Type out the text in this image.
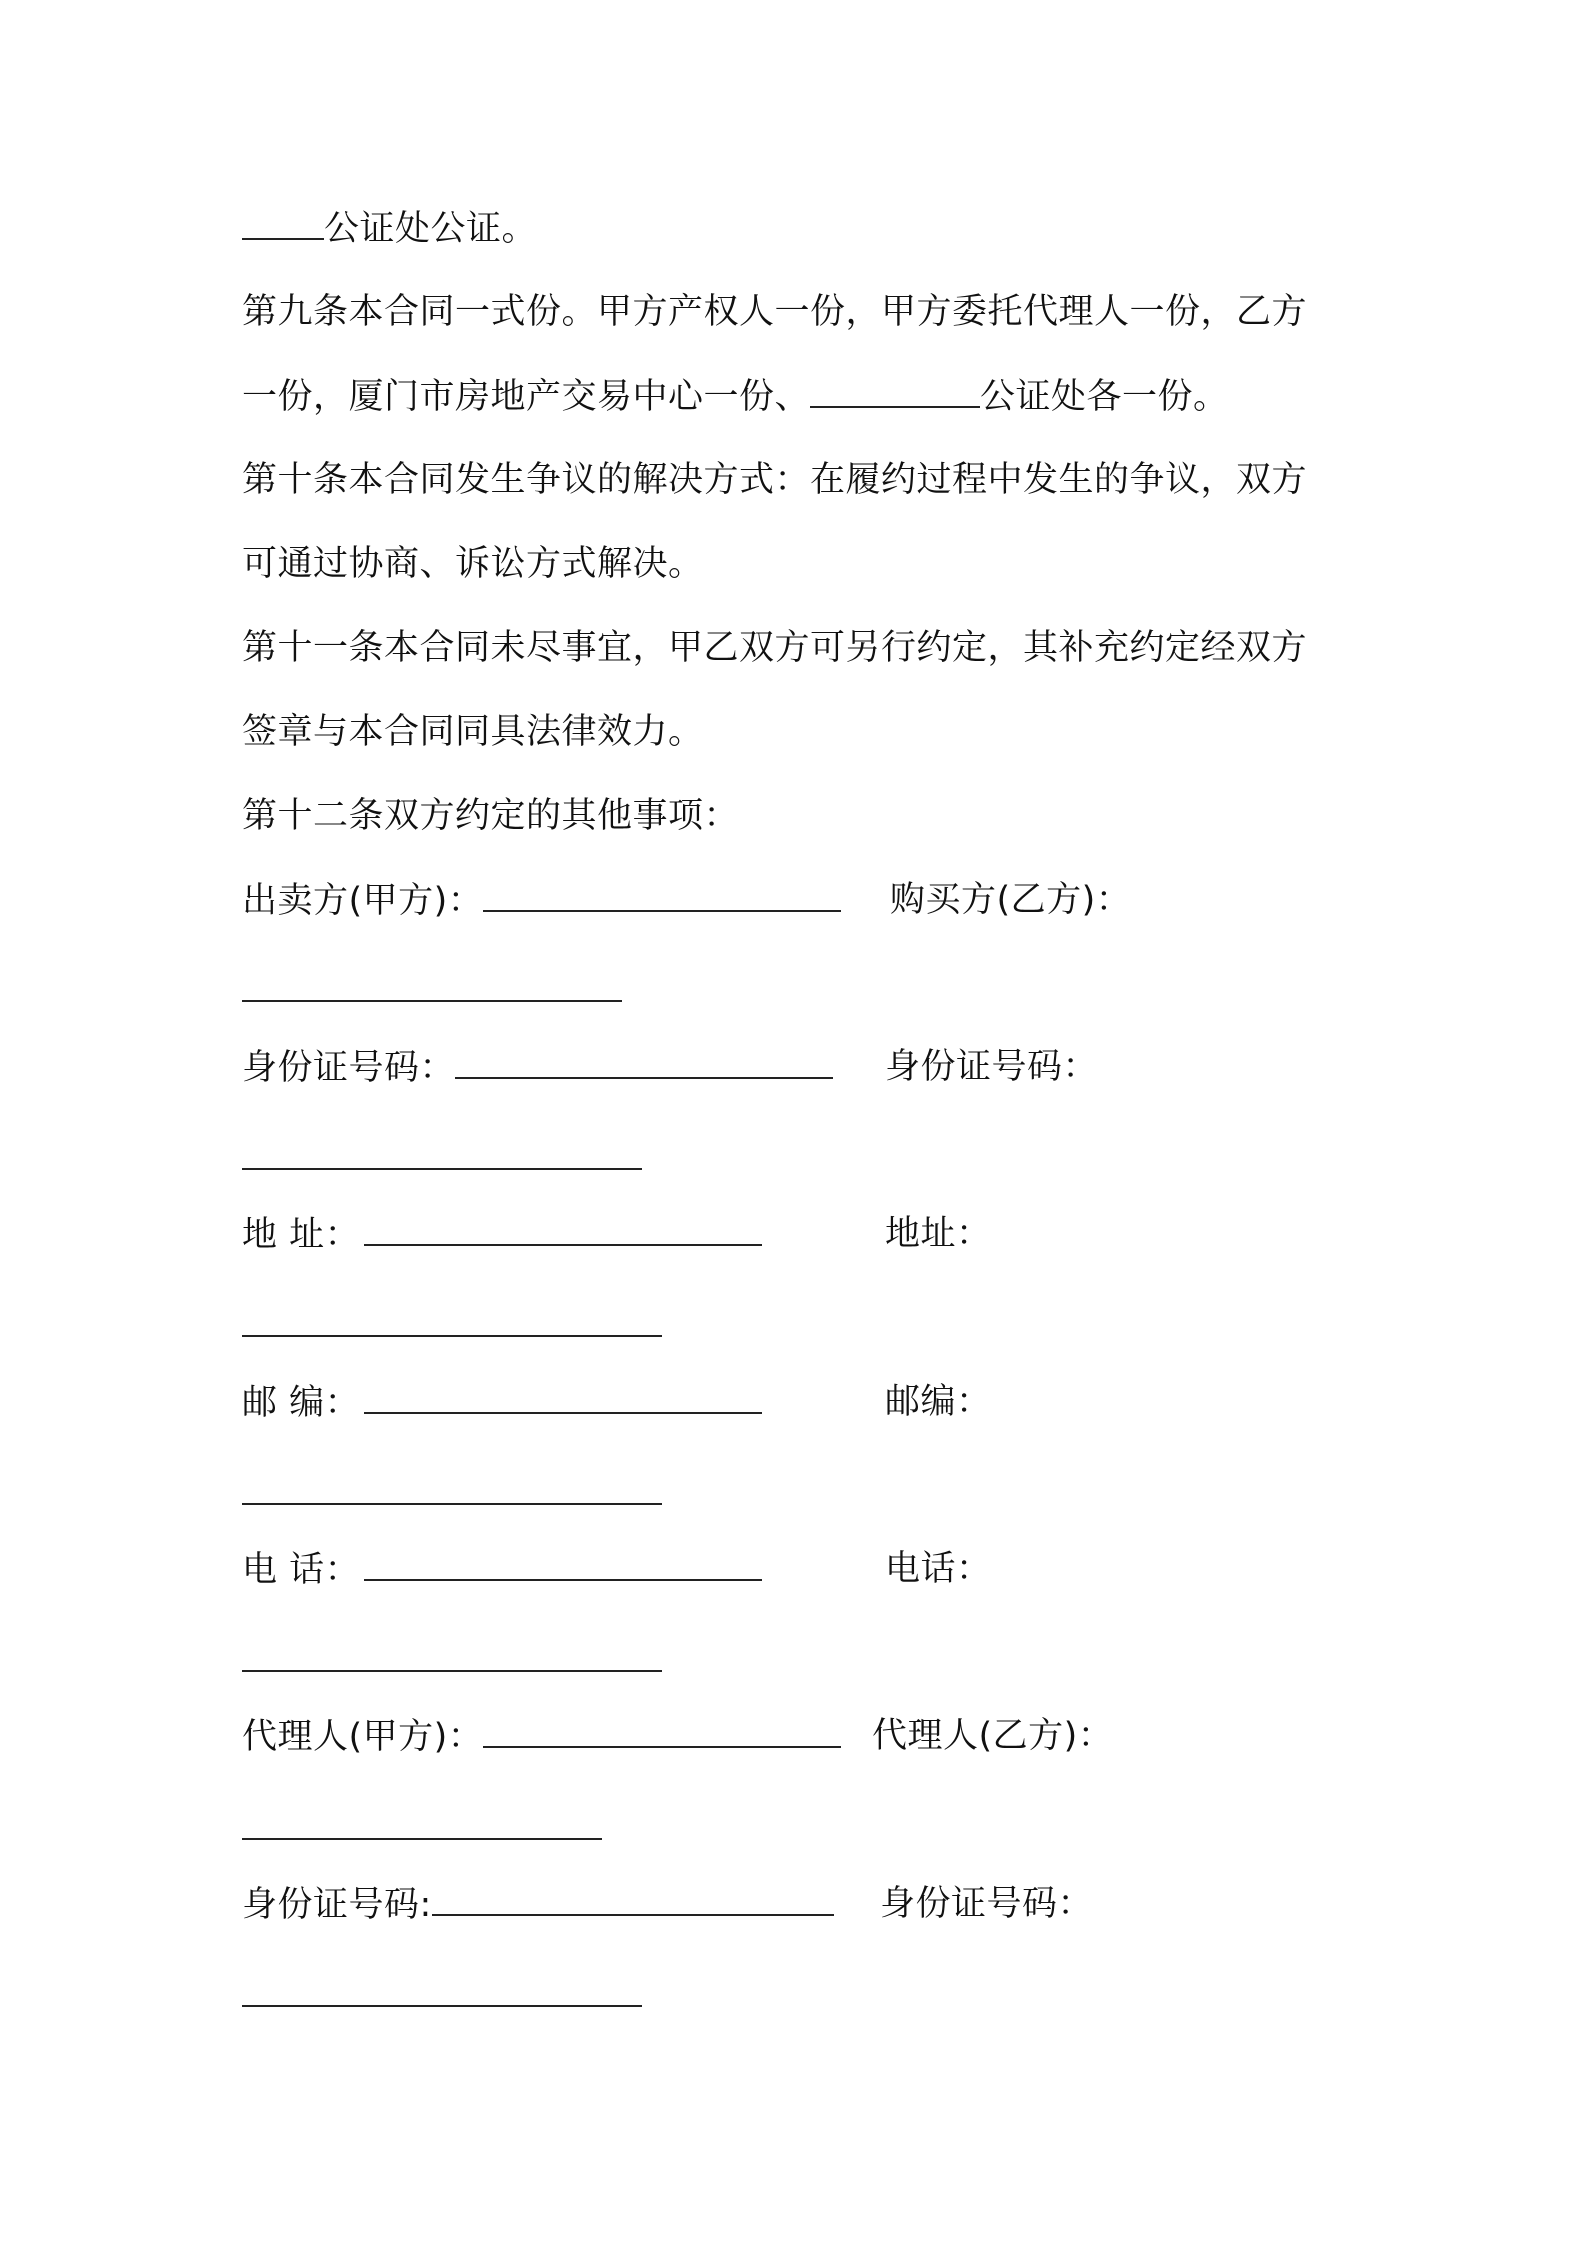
公证处公证。
第九条本合同一式份。甲方产权人一份，甲方委托代理人一份，乙方
一份，厦门市房地产交易中心一份、	公证处各一份。
第十条本合同发生争议的解决方式：在履约过程中发生的争议，双方
可通过协商、诉讼方式解决。
第十一条本合同未尽事宜，甲乙双方可另行约定，其补充约定经双方
签章与本合同同具法律效力。
第十二条双方约定的其他事项：
出卖方(甲方)：	购买方(乙方)：
身份证号码：	身份证号码：
地 址：	地址：
邮 编：	邮编：
电 话：	电话：
代理人(甲方)：	代理人(乙方)：
身份证号码:	身份证号码：
